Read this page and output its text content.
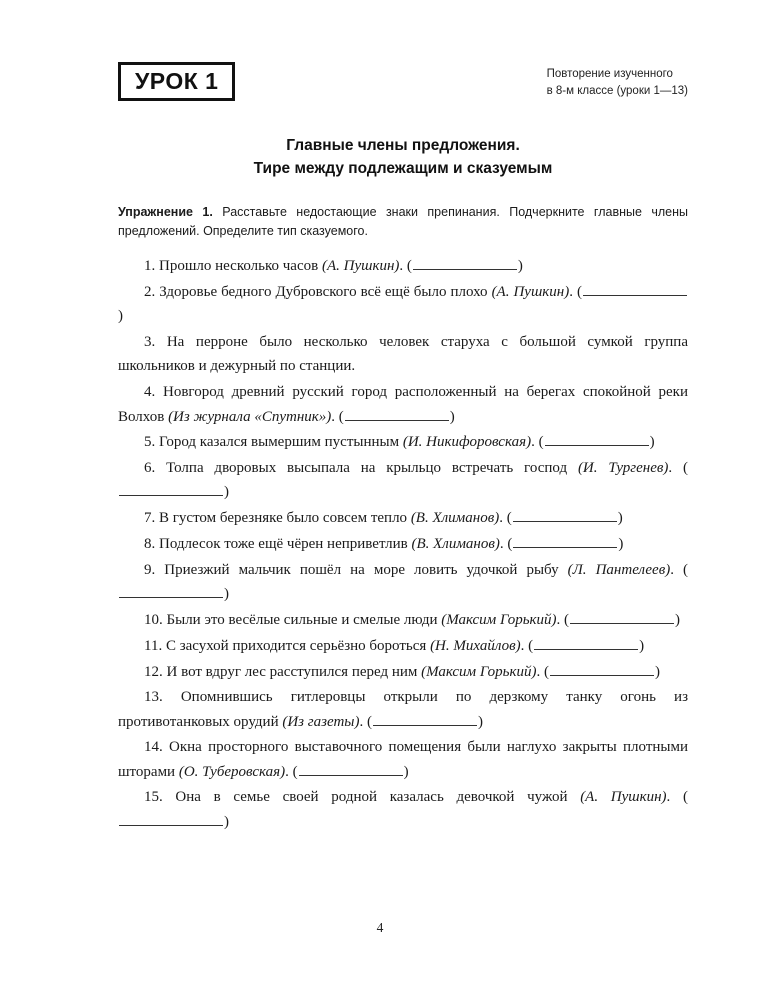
УРОК 1	Повторение изученного
в 8-м классе (уроки 1—13)
Главные члены предложения.
Тире между подлежащим и сказуемым
Упражнение 1. Расставьте недостающие знаки препинания. Подчеркните главные члены предложений. Определите тип сказуемого.
1. Прошло несколько часов (А. Пушкин). (	)
2. Здоровье бедного Дубровского всё ещё было плохо (А. Пушкин). ()
3. На перроне было несколько человек старуха с большой сумкой группа школьников и дежурный по станции.
4. Новгород древний русский город расположенный на берегах спокойной реки Волхов (Из журнала «Спутник»). (	)
5. Город казался вымершим пустынным (И. Никифоровская). (	)
6. Толпа дворовых высыпала на крыльцо встречать господ (И. Тургенев). ()
7. В густом березняке было совсем тепло (В. Хлиманов). (	)
8. Подлесок тоже ещё чёрен неприветлив (В. Хлиманов). (	)
9. Приезжий мальчик пошёл на море ловить удочкой рыбу (Л. Пантелеев). ()
10. Были это весёлые сильные и смелые люди (Максим Горький). (	)
11. С засухой приходится серьёзно бороться (Н. Михайлов). (	)
12. И вот вдруг лес расступился перед ним (Максим Горький). (	)
13. Опомнившись гитлеровцы открыли по дерзкому танку огонь из противотанковых орудий (Из газеты). (	)
14. Окна просторного выставочного помещения были наглухо закрыты плотными шторами (О. Туберовская). (	)
15. Она в семье своей родной казалась девочкой чужой (А. Пушкин). ()
4
